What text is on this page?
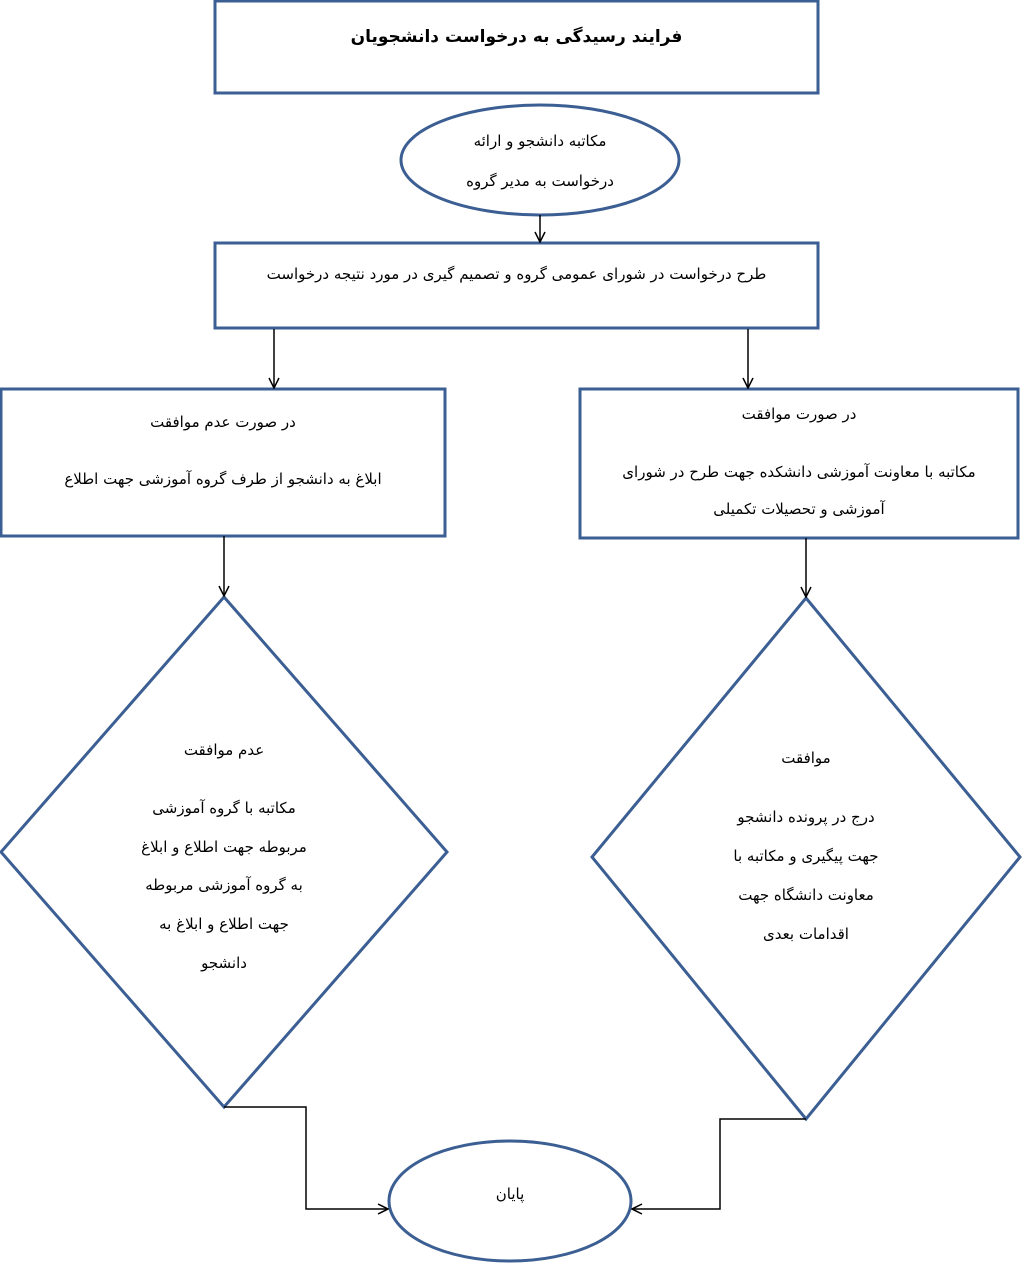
فرایند رسیدگی به درخواست دانشجویان
مکاتبه دانشجو و ارائه
درخواست به مدیر گروه
طرح درخواست در شورای عمومی گروه و تصمیم گیری در مورد نتیجه درخواست
در صورت عدم موافقت
ابلاغ به دانشجو از طرف گروه آموزشی جهت اطلاع
در صورت موافقت
مکاتبه با معاونت آموزشی دانشکده جهت طرح در شورای
آموزشی و تحصیلات تکمیلی
عدم موافقت
مکاتبه با گروه آموزشی
مربوطه جهت اطلاع و ابلاغ
به گروه آموزشی مربوطه
جهت اطلاع و ابلاغ به
دانشجو
موافقت
درج در پرونده دانشجو
جهت پیگیری و مکاتبه با
معاونت دانشگاه جهت
اقدامات بعدی
پایان
